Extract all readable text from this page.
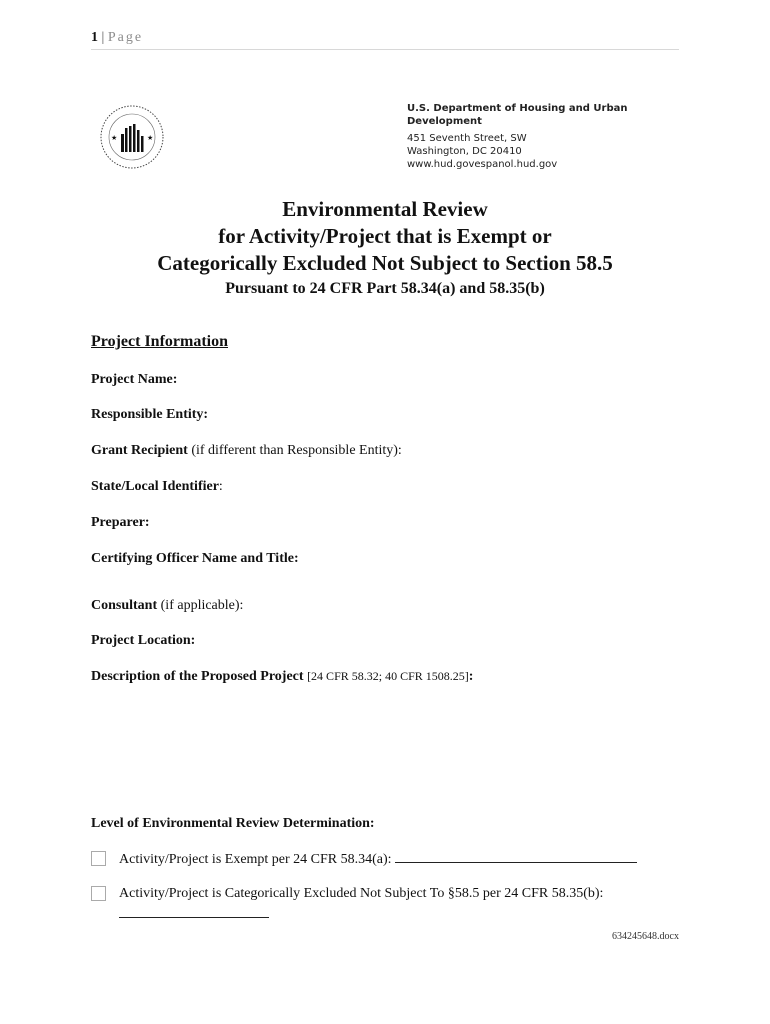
1 | Page
★	★
U.S. Department of Housing and Urban Development
451 Seventh Street, SW
Washington, DC 20410
www.hud.govespanol.hud.gov
Environmental Review
for Activity/Project that is Exempt or
Categorically Excluded Not Subject to Section 58.5
Pursuant to 24 CFR Part 58.34(a) and 58.35(b)
Project Information
Project Name:
Responsible Entity:
Grant Recipient (if different than Responsible Entity):
State/Local Identifier:
Preparer:
Certifying Officer Name and Title:
Consultant (if applicable):
Project Location:
Description of the Proposed Project [24 CFR 58.32; 40 CFR 1508.25]:
Level of Environmental Review Determination:
Activity/Project is Exempt per 24 CFR 58.34(a):
Activity/Project is Categorically Excluded Not Subject To §58.5 per 24 CFR 58.35(b):
634245648.docx
